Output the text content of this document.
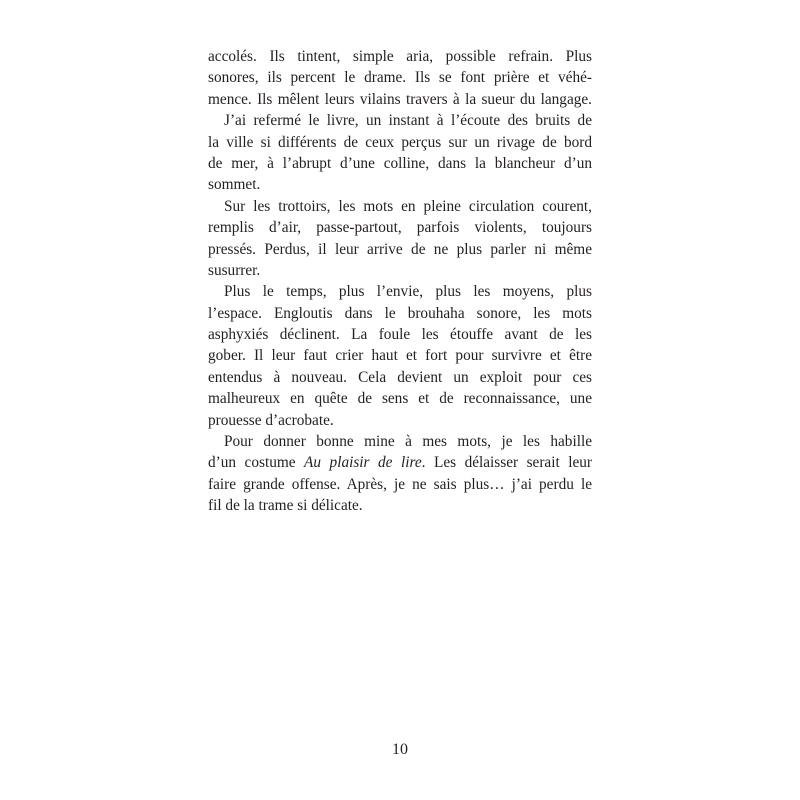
accolés. Ils tintent, simple aria, possible refrain. Plus
sonores, ils percent le drame. Ils se font prière et véhé-
mence. Ils mêlent leurs vilains travers à la sueur du langage.
J’ai refermé le livre, un instant à l’écoute des bruits de
la ville si différents de ceux perçus sur un rivage de bord
de mer, à l’abrupt d’une colline, dans la blancheur d’un
sommet.
Sur les trottoirs, les mots en pleine circulation courent,
remplis d’air, passe-partout, parfois violents, toujours
pressés. Perdus, il leur arrive de ne plus parler ni même
susurrer.
Plus le temps, plus l’envie, plus les moyens, plus
l’espace. Engloutis dans le brouhaha sonore, les mots
asphyxiés déclinent. La foule les étouffe avant de les
gober. Il leur faut crier haut et fort pour survivre et être
entendus à nouveau. Cela devient un exploit pour ces
malheureux en quête de sens et de reconnaissance, une
prouesse d’acrobate.
Pour donner bonne mine à mes mots, je les habille
d’un costume Au plaisir de lire. Les délaisser serait leur
faire grande offense. Après, je ne sais plus… j’ai perdu le
fil de la trame si délicate.
10
